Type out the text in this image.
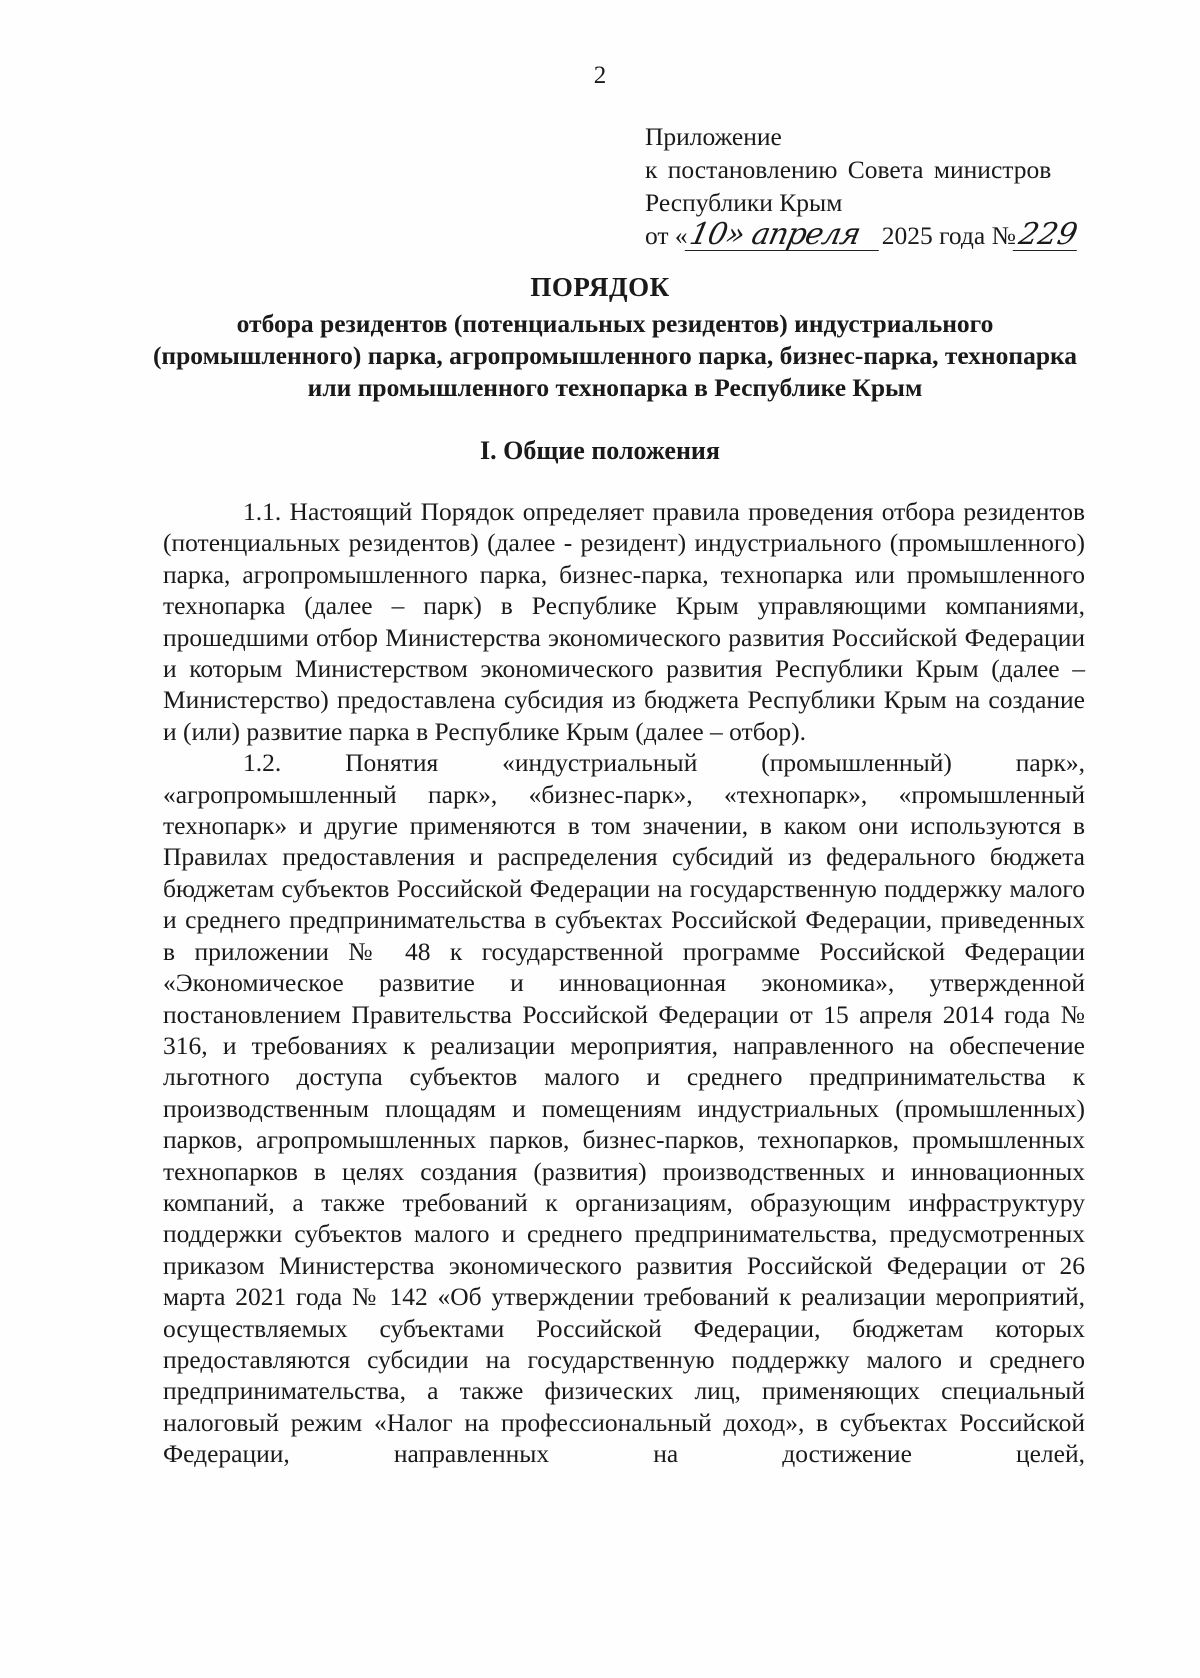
2
Приложение
к постановлению Совета министров
Республики Крым
от «10» апреля 2025 года №229
ПОРЯДОК
отбора резидентов (потенциальных резидентов) индустриального (промышленного) парка, агропромышленного парка, бизнес-парка, технопарка или промышленного технопарка в Республике Крым
I. Общие положения

1.1. Настоящий Порядок определяет правила проведения отбора резидентов (потенциальных резидентов) (далее - резидент) индустриального (промышленного) парка, агропромышленного парка, бизнес-парка, технопарка или промышленного технопарка (далее – парк) в Республике Крым управляющими компаниями, прошедшими отбор Министерства экономического развития Российской Федерации и которым Министерством экономического развития Республики Крым (далее – Министерство) предоставлена субсидия из бюджета Республики Крым на создание и (или) развитие парка в Республике Крым (далее – отбор).

1.2. Понятия «индустриальный (промышленный) парк», «агропромышленный парк», «бизнес-парк», «технопарк», «промышленный технопарк» и другие применяются в том значении, в каком они используются в Правилах предоставления и распределения субсидий из федерального бюджета бюджетам субъектов Российской Федерации на государственную поддержку малого и среднего предпринимательства в субъектах Российской Федерации, приведенных в приложении № 48 к государственной программе Российской Федерации «Экономическое развитие и инновационная экономика», утвержденной постановлением Правительства Российской Федерации от 15 апреля 2014 года № 316, и требованиях к реализации мероприятия, направленного на обеспечение льготного доступа субъектов малого и среднего предпринимательства к производственным площадям и помещениям индустриальных (промышленных) парков, агропромышленных парков, бизнес-парков, технопарков, промышленных технопарков в целях создания (развития) производственных и инновационных компаний, а также требований к организациям, образующим инфраструктуру поддержки субъектов малого и среднего предпринимательства, предусмотренных приказом Министерства экономического развития Российской Федерации от 26 марта 2021 года № 142 «Об утверждении требований к реализации мероприятий, осуществляемых субъектами Российской Федерации, бюджетам которых предоставляются субсидии на государственную поддержку малого и среднего предпринимательства, а также физических лиц, применяющих специальный налоговый режим «Налог на профессиональный доход», в субъектах Российской Федерации, направленных на достижение целей,
